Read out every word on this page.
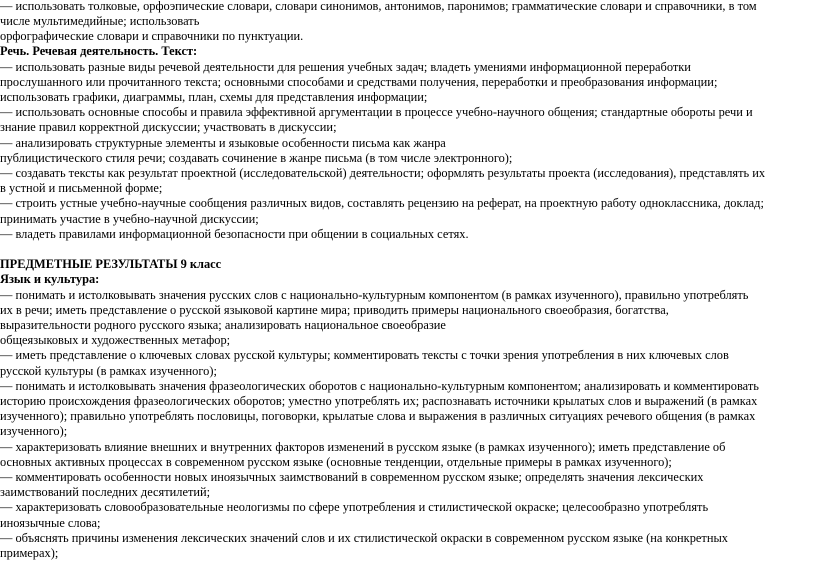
— использовать толковые, орфоэпические словари, словари синонимов, антонимов, паронимов; грамматические словари и справочники, в том
числе мультимедийные; использовать
орфографические словари и справочники по пунктуации.
Речь. Речевая деятельность. Текст:
— использовать разные виды речевой деятельности для решения учебных задач; владеть умениями информационной переработки
прослушанного или прочитанного текста; основными способами и средствами получения, переработки и преобразования информации;
использовать графики, диаграммы, план, схемы для представления информации;
— использовать основные способы и правила эффективной аргументации в процессе учебно-научного общения; стандартные обороты речи и
знание правил корректной дискуссии; участвовать в дискуссии;
— анализировать структурные элементы и языковые особенности письма как жанра
публицистического стиля речи; создавать сочинение в жанре письма (в том числе электронного);
— создавать тексты как результат проектной (исследовательской) деятельности; оформлять результаты проекта (исследования), представлять их
в устной и письменной форме;
— строить устные учебно-научные сообщения различных видов, составлять рецензию на реферат, на проектную работу одноклассника, доклад;
принимать участие в учебно-научной дискуссии;
— владеть правилами информационной безопасности при общении в социальных сетях.
ПРЕДМЕТНЫЕ РЕЗУЛЬТАТЫ 9 класс
Язык и культура:
— понимать и истолковывать значения русских слов с национально-культурным компонентом (в рамках изученного), правильно употреблять
их в речи; иметь представление о русской языковой картине мира; приводить примеры национального своеобразия, богатства,
выразительности родного русского языка; анализировать национальное своеобразие
общеязыковых и художественных метафор;
— иметь представление о ключевых словах русской культуры; комментировать тексты с точки зрения употребления в них ключевых слов
русской культуры (в рамках изученного);
— понимать и истолковывать значения фразеологических оборотов с национально-культурным компонентом; анализировать и комментировать
историю происхождения фразеологических оборотов; уместно употреблять их; распознавать источники крылатых слов и выражений (в рамках
изученного); правильно употреблять пословицы, поговорки, крылатые слова и выражения в различных ситуациях речевого общения (в рамках
изученного);
— характеризовать влияние внешних и внутренних факторов изменений в русском языке (в рамках изученного); иметь представление об
основных активных процессах в современном русском языке (основные тенденции, отдельные примеры в рамках изученного);
— комментировать особенности новых иноязычных заимствований в современном русском языке; определять значения лексических
заимствований последних десятилетий;
— характеризовать словообразовательные неологизмы по сфере употребления и стилистической окраске; целесообразно употреблять
иноязычные слова;
— объяснять причины изменения лексических значений слов и их стилистической окраски в современном русском языке (на конкретных
примерах);
